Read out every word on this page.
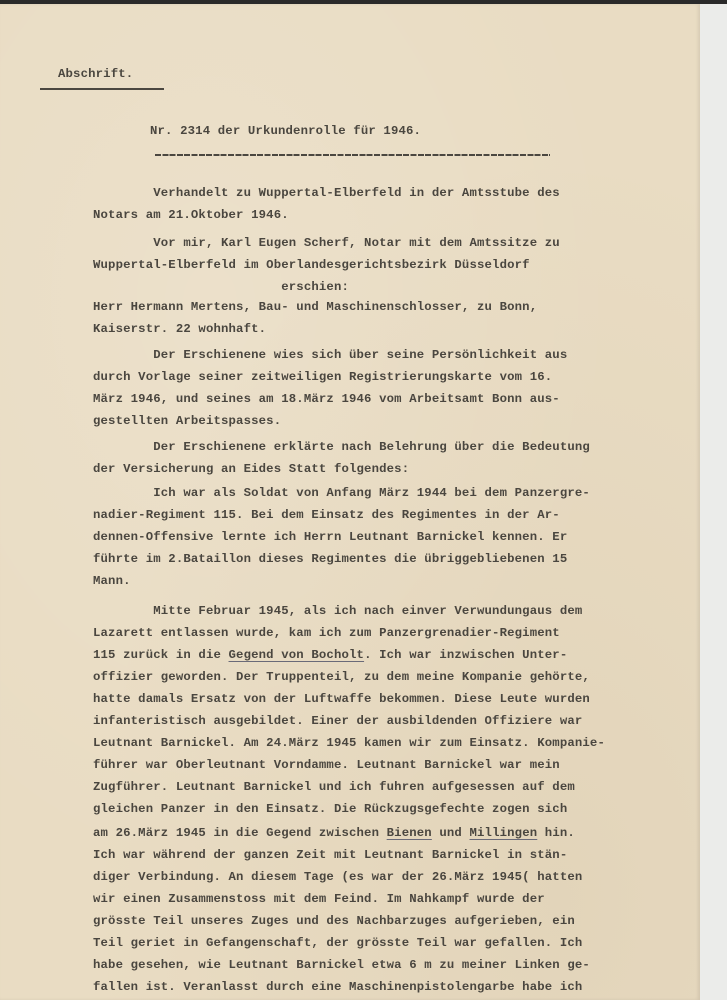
Abschrift.
Nr. 2314 der Urkundenrolle für 1946.
Verhandelt zu Wuppertal-Elberfeld in der Amtsstube des
Notars am 21.Oktober 1946.
Vor mir, Karl Eugen Scherf, Notar mit dem Amtssitze zu
Wuppertal-Elberfeld im Oberlandesgerichtsbezirk Düsseldorf
erschien:
Herr Hermann Mertens, Bau- und Maschinenschlosser, zu Bonn,
Kaiserstr. 22 wohnhaft.
Der Erschienene wies sich über seine Persönlichkeit aus
durch Vorlage seiner zeitweiligen Registrierungskarte vom 16.
März 1946, und seines am 18.März 1946 vom Arbeitsamt Bonn aus-
gestellten Arbeitspasses.
Der Erschienene erklärte nach Belehrung über die Bedeutung
der Versicherung an Eides Statt folgendes:
Ich war als Soldat von Anfang März 1944 bei dem Panzergre-
nadier-Regiment 115. Bei dem Einsatz des Regimentes in der Ar-
dennen-Offensive lernte ich Herrn Leutnant Barnickel kennen. Er
führte im 2.Bataillon dieses Regimentes die übriggebliebenen 15
Mann.
Mitte Februar 1945, als ich nach einver Verwundungaus dem
Lazarett entlassen wurde, kam ich zum Panzergrenadier-Regiment
115 zurück in die Gegend von Bocholt. Ich war inzwischen Unter-
offizier geworden. Der Truppenteil, zu dem meine Kompanie gehörte,
hatte damals Ersatz von der Luftwaffe bekommen. Diese Leute wurden
infanteristisch ausgebildet. Einer der ausbildenden Offiziere war
Leutnant Barnickel. Am 24.März 1945 kamen wir zum Einsatz. Kompanie-
führer war Oberleutnant Vorndamme. Leutnant Barnickel war mein
Zugführer. Leutnant Barnickel und ich fuhren aufgesessen auf dem
gleichen Panzer in den Einsatz. Die Rückzugsgefechte zogen sich
am 26.März 1945 in die Gegend zwischen Bienen und Millingen hin.
Ich war während der ganzen Zeit mit Leutnant Barnickel in stän-
diger Verbindung. An diesem Tage (es war der 26.März 1945( hatten
wir einen Zusammenstoss mit dem Feind. Im Nahkampf wurde der
grösste Teil unseres Zuges und des Nachbarzuges aufgerieben, ein
Teil geriet in Gefangenschaft, der grösste Teil war gefallen. Ich
habe gesehen, wie Leutnant Barnickel etwa 6 m zu meiner Linken ge-
fallen ist. Veranlasst durch eine Maschinenpistolengarbe habe ich
